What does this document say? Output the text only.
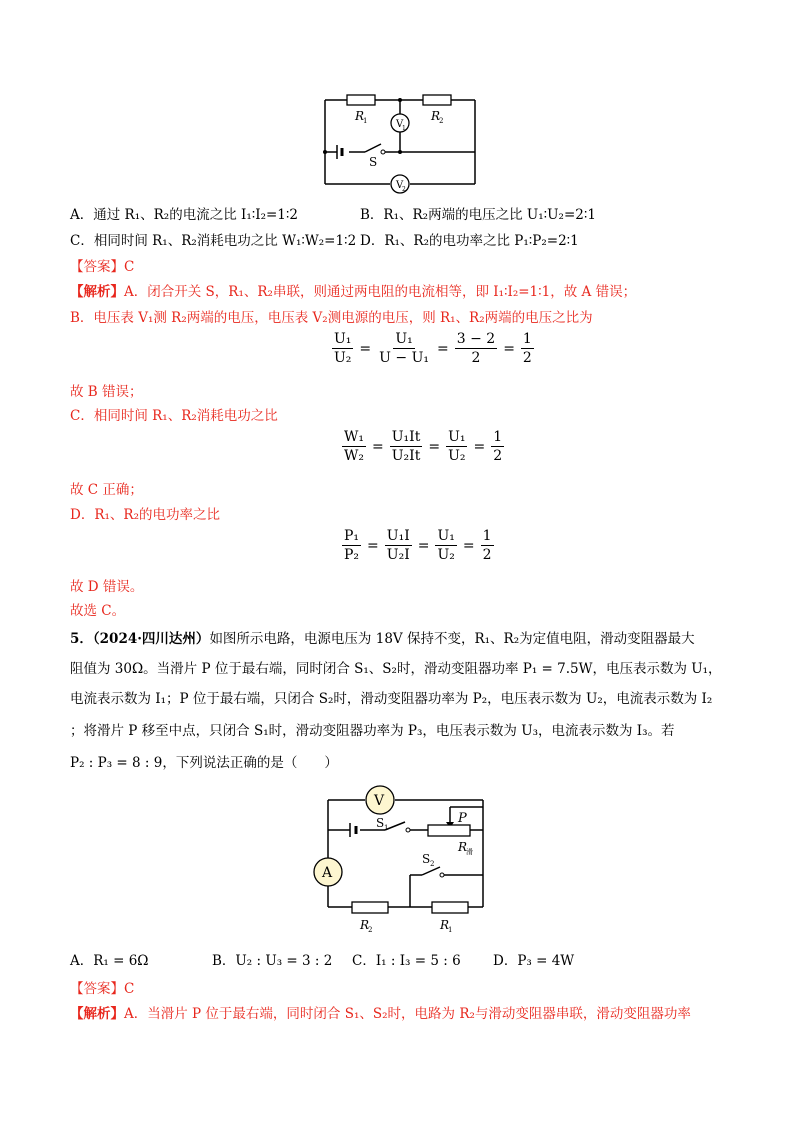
V
1
V
2
R
1	R
2
S
A．通过 R₁、R₂的电流之比 I₁∶I₂=1∶2	B．R₁、R₂两端的电压之比 U₁∶U₂=2∶1
C．相同时间 R₁、R₂消耗电功之比 W₁∶W₂=1∶2 D．R₁、R₂的电功率之比 P₁∶P₂=2∶1
【答案】C
【解析】A．闭合开关 S，R₁、R₂串联，则通过两电阻的电流相等，即 I₁∶I₂=1∶1，故 A 错误；
B．电压表 V₁测 R₂两端的电压，电压表 V₂测电源的电压，则 R₁、R₂两端的电压之比为
$\frac{\text{U₁}}{\text{U₂}} = \frac{\text{U₁}}{\text{U − U₁}} = \frac{3 - 2}{2} = \frac{1}{2}$
故 B 错误；
C．相同时间 R₁、R₂消耗电功之比
$\frac{\text{W₁}}{\text{W₂}} = \frac{\text{U₁It}}{\text{U₂It}} = \frac{\text{U₁}}{\text{U₂}} = \frac{1}{2}$
故 C 正确；
D．R₁、R₂的电功率之比
$\frac{\text{P₁}}{\text{P₂}} = \frac{\text{U₁I}}{\text{U₂I}} = \frac{\text{U₁}}{\text{U₂}} = \frac{1}{2}$
故 D 错误。
故选 C。
5．（2024·四川达州）如图所示电路，电源电压为 18V 保持不变，R₁、R₂为定值电阻，滑动变阻器最大
阻值为 30Ω。当滑片 P 位于最右端，同时闭合 S₁、S₂时，滑动变阻器功率 P₁ = 7.5W，电压表示数为 U₁，
电流表示数为 I₁；P 位于最右端，只闭合 S₂时，滑动变阻器功率为 P₂，电压表示数为 U₂，电流表示数为 I₂
；将滑片 P 移至中点，只闭合 S₁时，滑动变阻器功率为 P₃，电压表示数为 U₃，电流表示数为 I₃。若
P₂ : P₃ = 8 : 9，下列说法正确的是（　　）
V
A
S 1
P
R
滑
S 2
R
2	R
1
A．R₁ = 6Ω	B．U₂ : U₃ = 3 : 2 C．I₁ : I₃ = 5 : 6 D．P₃ = 4W
【答案】C
【解析】A．当滑片 P 位于最右端，同时闭合 S₁、S₂时，电路为 R₂与滑动变阻器串联，滑动变阻器功率
